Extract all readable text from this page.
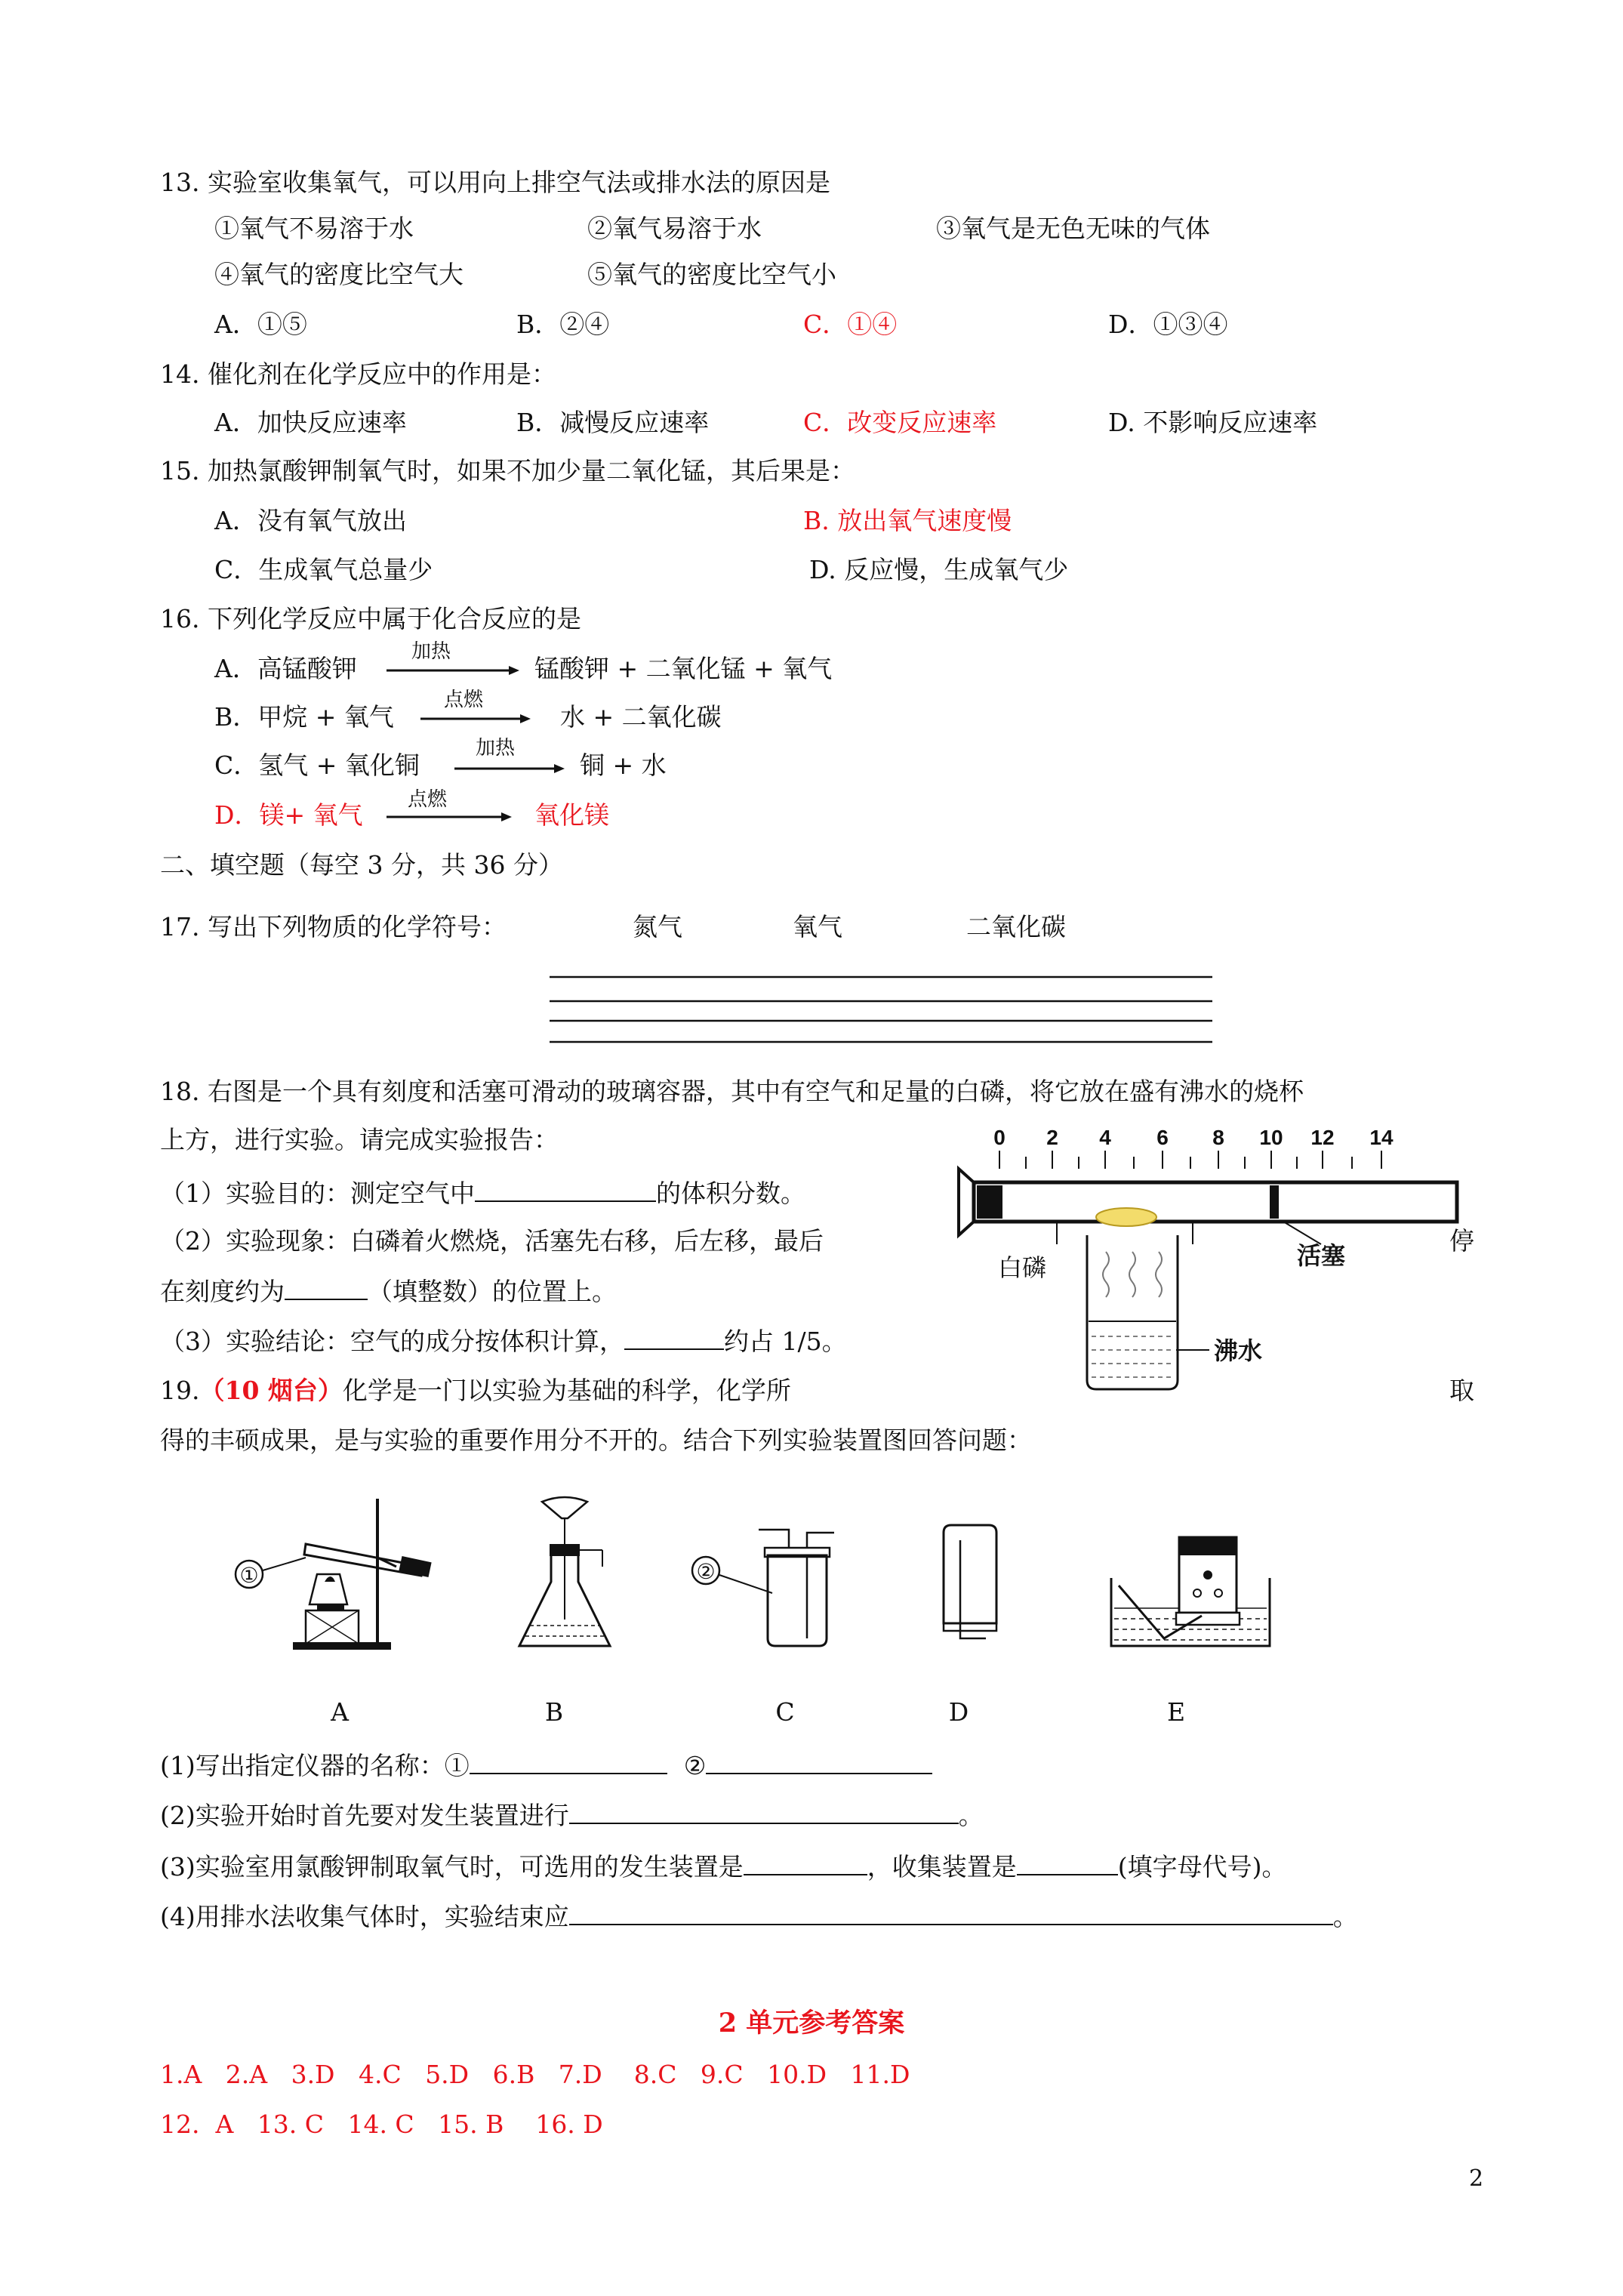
13. 实验室收集氧气，可以用向上排空气法或排水法的原因是
①氧气不易溶于水	②氧气易溶于水	③氧气是无色无味的气体
④氧气的密度比空气大	⑤氧气的密度比空气小
A．①⑤	B．②④	C．①④	D．①③④
14. 催化剂在化学反应中的作用是：
A．加快反应速率	B．减慢反应速率	C．改变反应速率	D. 不影响反应速率
15. 加热氯酸钾制氧气时，如果不加少量二氧化锰，其后果是：
A．没有氧气放出	B. 放出氧气速度慢
C．生成氧气总量少	D. 反应慢，生成氧气少
16. 下列化学反应中属于化合反应的是
A．高锰酸钾
加热
锰酸钾 + 二氧化锰 + 氧气
B．甲烷 + 氧气
点燃
水 + 二氧化碳
C．氢气 + 氧化铜
加热
铜 + 水
D．镁+ 氧气
点燃
氧化镁
二、填空题（每空 3 分，共 36 分）
17. 写出下列物质的化学符号：	氮气	氧气	二氧化碳
18. 右图是一个具有刻度和活塞可滑动的玻璃容器，其中有空气和足量的白磷，将它放在盛有沸水的烧杯
上方，进行实验。请完成实验报告：
（1）实验目的：测定空气中	的体积分数。
（2）实验现象：白磷着火燃烧，活塞先右移，后左移，最后	停
在刻度约为	（填整数）的位置上。
（3）实验结论：空气的成分按体积计算，	约占 1/5。
0 2 4 6 8 10 12 14
白磷	活塞
沸水
19.（10 烟台）化学是一门以实验为基础的科学，化学所	取
得的丰硕成果，是与实验的重要作用分不开的。结合下列实验装置图回答问题：
①
A	B
②
C	D	E
(1)写出指定仪器的名称：①	②
(2)实验开始时首先要对发生装置进行	。
(3)实验室用氯酸钾制取氧气时，可选用的发生装置是	，收集装置是	(填字母代号)。
(4)用排水法收集气体时，实验结束应	。
2 单元参考答案
1.A   2.A   3.D   4.C   5.D   6.B   7.D    8.C   9.C   10.D   11.D
12.  A   13. C   14. C   15. B    16. D
2
